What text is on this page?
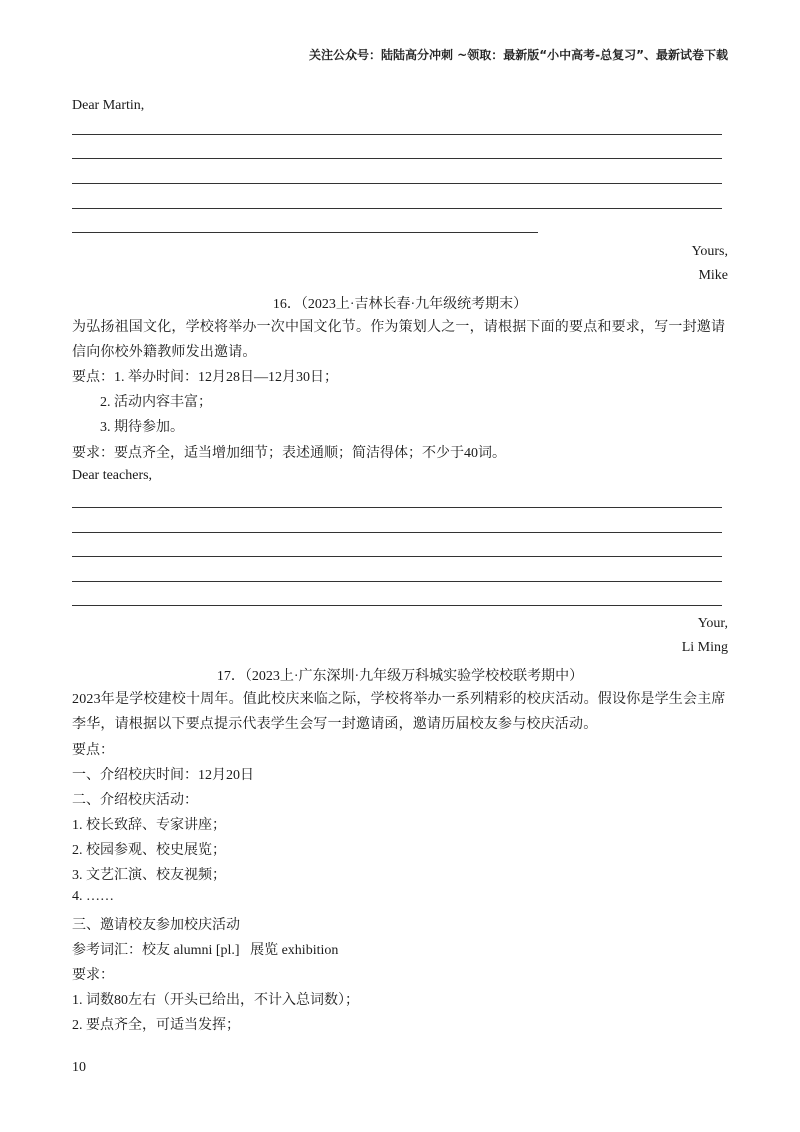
关注公众号：陆陆高分冲刺 ~领取：最新版“小中高考-总复习”、最新试卷下载
Dear Martin,
Yours,
Mike
16．（2023上·吉林长春·九年级统考期末）
为弘扬祖国文化，学校将举办一次中国文化节。作为策划人之一，请根据下面的要点和要求，写一封邀请信向你校外籍教师发出邀请。
要点：1. 举办时间：12月28日—12月30日；
2. 活动内容丰富；
3. 期待参加。
要求：要点齐全，适当增加细节；表述通顺；简洁得体；不少于40词。
Dear teachers,
Your,
Li Ming
17．（2023上·广东深圳·九年级万科城实验学校校联考期中）
2023年是学校建校十周年。值此校庆来临之际，学校将举办一系列精彩的校庆活动。假设你是学生会主席李华，请根据以下要点提示代表学生会写一封邀请函，邀请历届校友参与校庆活动。
要点：
一、介绍校庆时间：12月20日
二、介绍校庆活动：
1. 校长致辞、专家讲座；
2. 校园参观、校史展览；
3. 文艺汇演、校友视频；
4. ……
三、邀请校友参加校庆活动
参考词汇：校友 alumni [pl.]   展览 exhibition
要求：
1. 词数80左右（开头已给出，不计入总词数）；
2. 要点齐全，可适当发挥；
10
